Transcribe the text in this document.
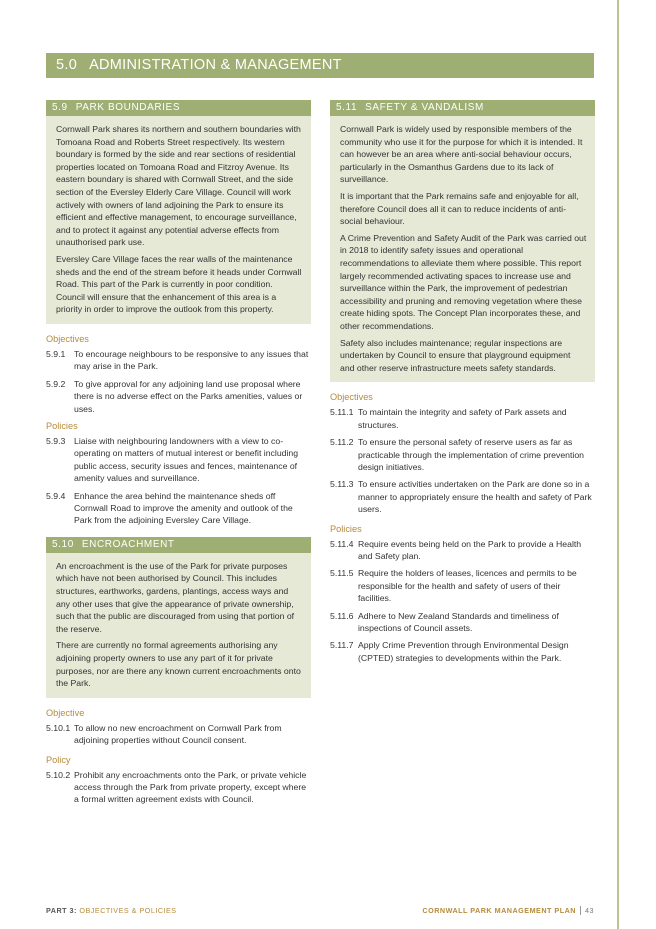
5.0 ADMINISTRATION & MANAGEMENT
5.9 PARK BOUNDARIES

Cornwall Park shares its northern and southern boundaries with Tomoana Road and Roberts Street respectively. Its western boundary is formed by the side and rear sections of residential properties located on Tomoana Road and Fitzroy Avenue. Its eastern boundary is shared with Cornwall Street, and the side section of the Eversley Elderly Care Village. Council will work actively with owners of land adjoining the Park to ensure its efficient and effective management, to encourage surveillance, and to protect it against any potential adverse effects from unauthorised park use.

Eversley Care Village faces the rear walls of the maintenance sheds and the end of the stream before it heads under Cornwall Road. This part of the Park is currently in poor condition. Council will ensure that the enhancement of this area is a priority in order to improve the outlook from this property.

Objectives
5.9.1 To encourage neighbours to be responsive to any issues that may arise in the Park.
5.9.2 To give approval for any adjoining land use proposal where there is no adverse effect on the Parks amenities, values or uses.
Policies
5.9.3 Liaise with neighbouring landowners with a view to co-operating on matters of mutual interest or benefit including public access, security issues and fences, maintenance of amenity values and surveillance.
5.9.4 Enhance the area behind the maintenance sheds off Cornwall Road to improve the amenity and outlook of the Park from the adjoining Eversley Care Village.
5.10 ENCROACHMENT

An encroachment is the use of the Park for private purposes which have not been authorised by Council. This includes structures, earthworks, gardens, plantings, access ways and any other uses that give the appearance of private ownership, such that the public are discouraged from using that portion of the reserve.

There are currently no formal agreements authorising any adjoining property owners to use any part of it for private purposes, nor are there any known current encroachments onto the Park.

Objective
5.10.1 To allow no new encroachment on Cornwall Park from adjoining properties without Council consent.
Policy
5.10.2 Prohibit any encroachments onto the Park, or private vehicle access through the Park from private property, except where a formal written agreement exists with Council.
5.11 SAFETY & VANDALISM

Cornwall Park is widely used by responsible members of the community who use it for the purpose for which it is intended. It can however be an area where anti-social behaviour occurs, particularly in the Osmanthus Gardens due to its lack of surveillance.

It is important that the Park remains safe and enjoyable for all, therefore Council does all it can to reduce incidents of anti-social behaviour.

A Crime Prevention and Safety Audit of the Park was carried out in 2018 to identify safety issues and operational recommendations to alleviate them where possible. This report largely recommended activating spaces to increase use and surveillance within the Park, the improvement of pedestrian accessibility and pruning and removing vegetation where these create hiding spots. The Concept Plan incorporates these, and other recommendations.

Safety also includes maintenance; regular inspections are undertaken by Council to ensure that playground equipment and other reserve infrastructure meets safety standards.

Objectives
5.11.1 To maintain the integrity and safety of Park assets and structures.
5.11.2 To ensure the personal safety of reserve users as far as practicable through the implementation of crime prevention design initiatives.
5.11.3 To ensure activities undertaken on the Park are done so in a manner to appropriately ensure the health and safety of Park users.
Policies
5.11.4 Require events being held on the Park to provide a Health and Safety plan.
5.11.5 Require the holders of leases, licences and permits to be responsible for the health and safety of users of their facilities.
5.11.6 Adhere to New Zealand Standards and timeliness of inspections of Council assets.
5.11.7 Apply Crime Prevention through Environmental Design (CPTED) strategies to developments within the Park.
PART 3: OBJECTIVES & POLICIES	CORNWALL PARK MANAGEMENT PLAN 43
